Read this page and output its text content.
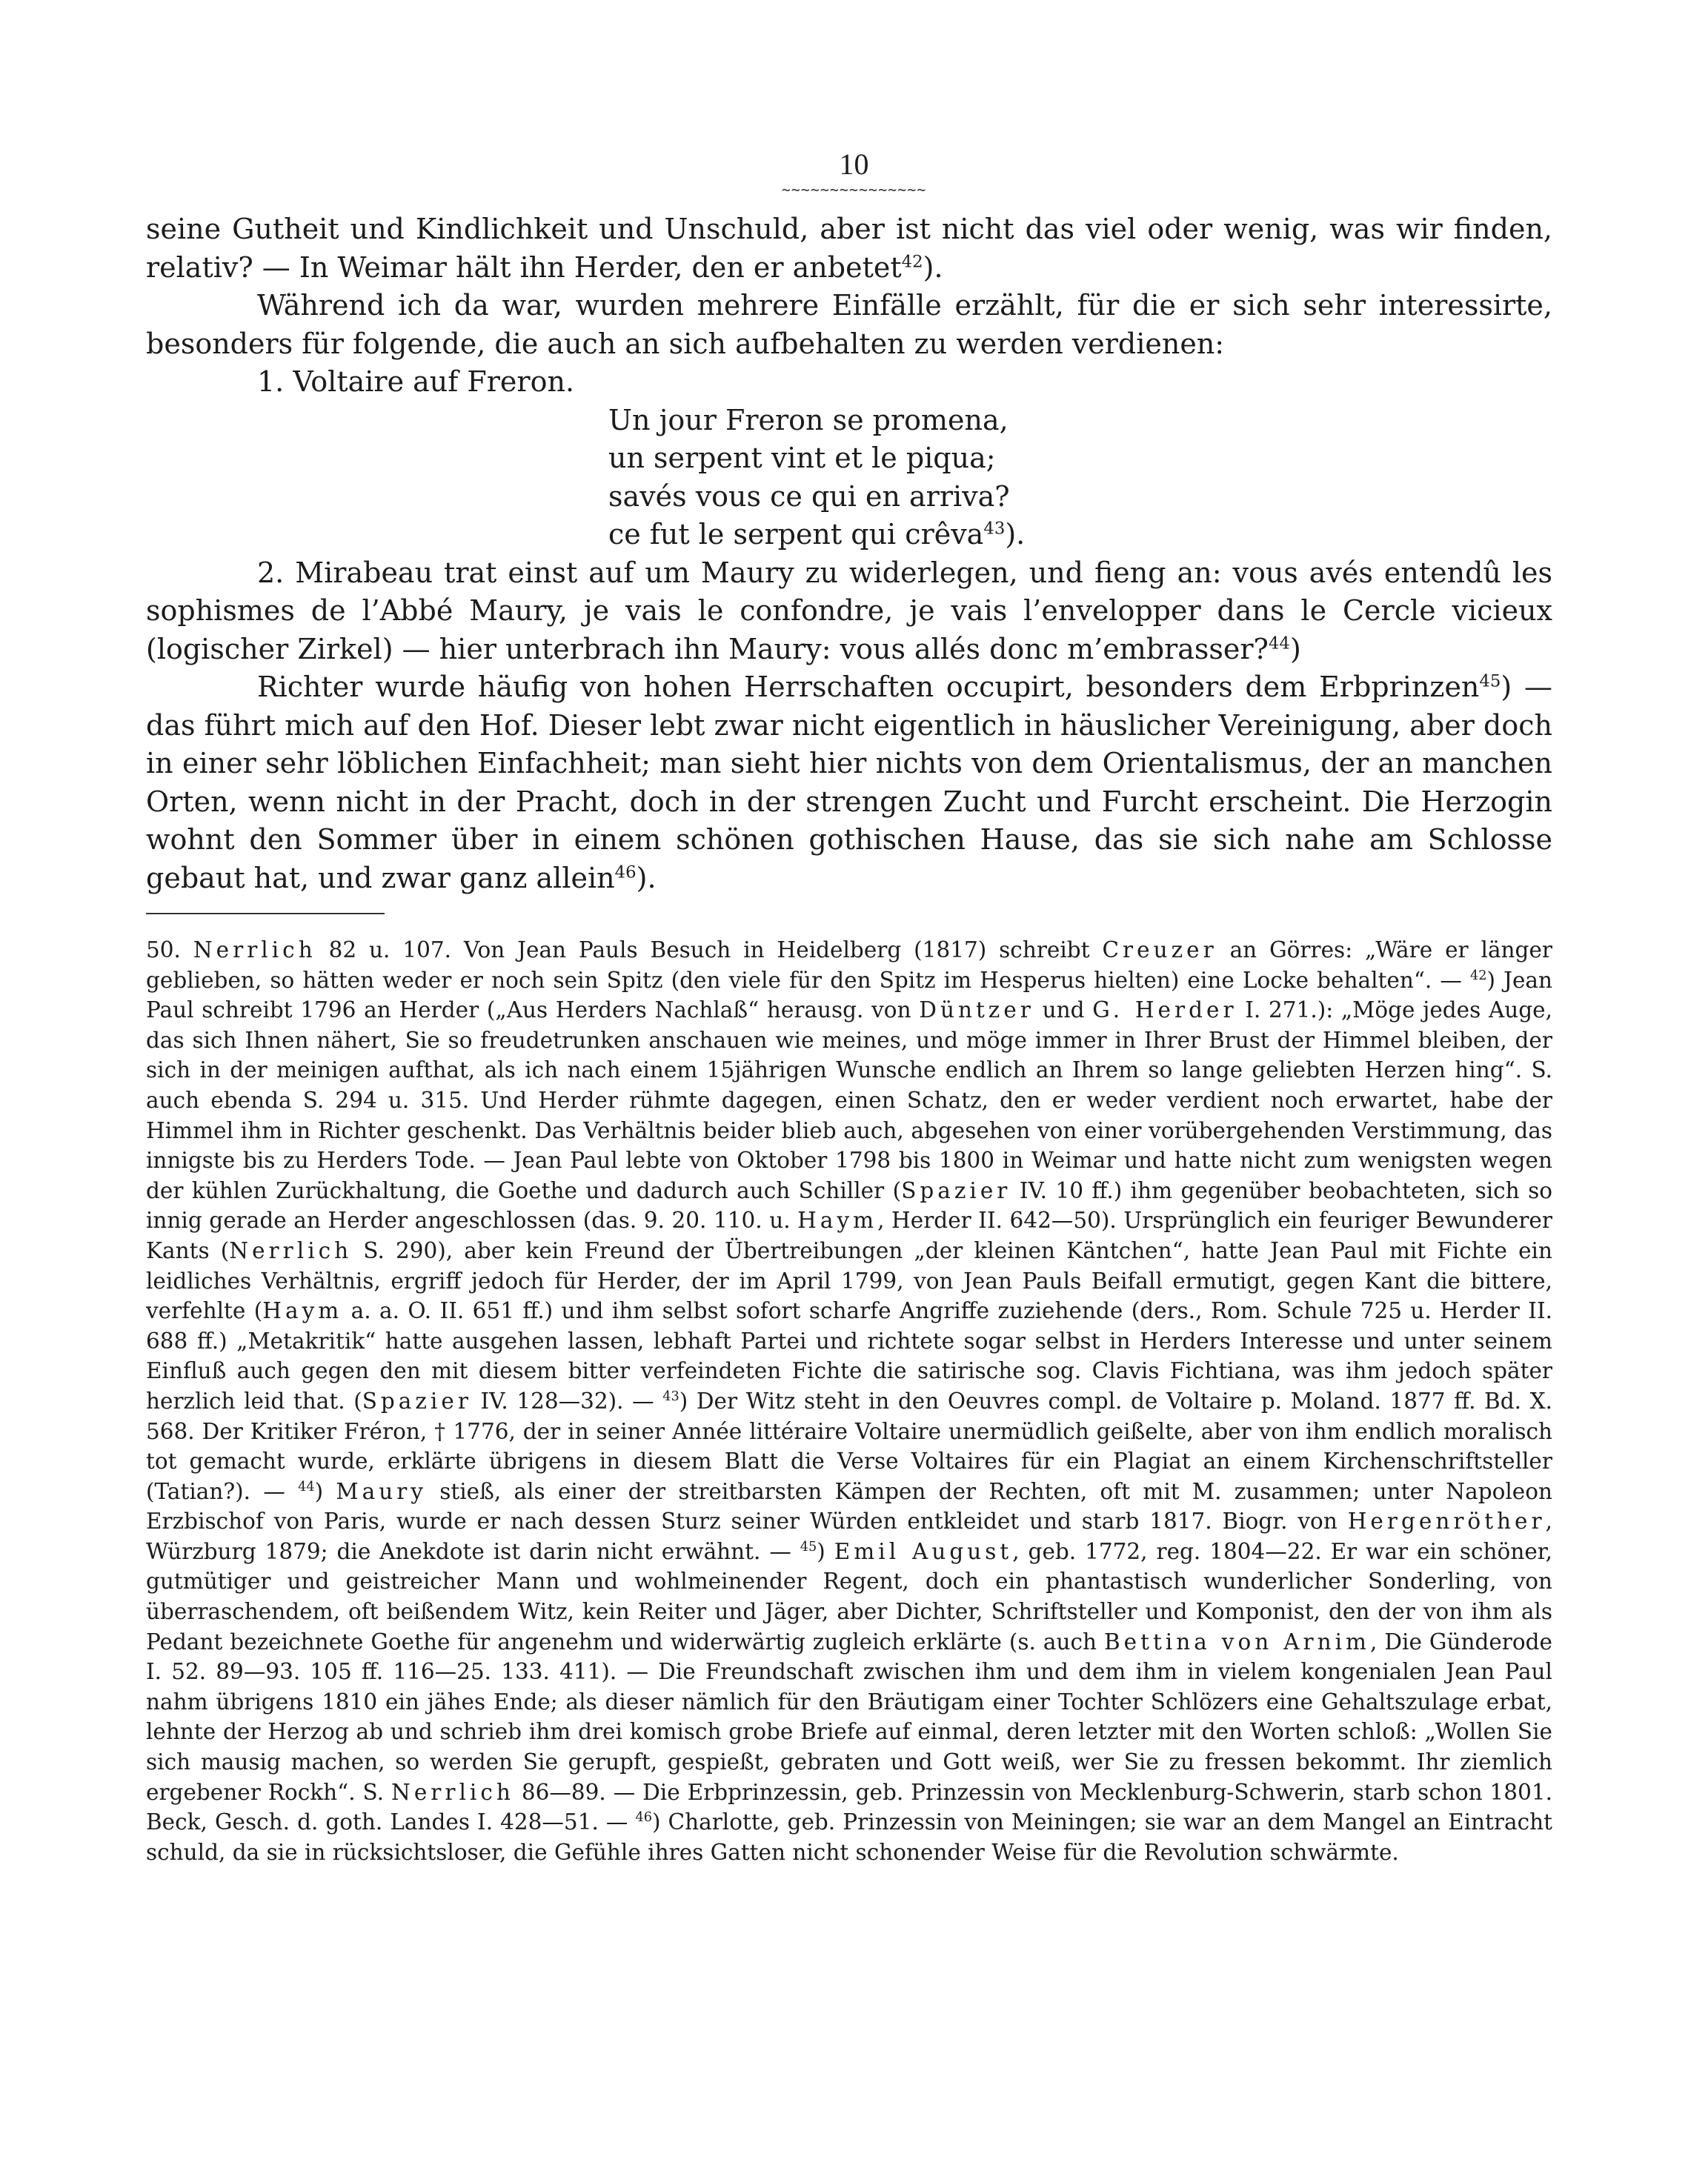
10
~~~~~~~~~~~~~~~

seine Gutheit und Kindlichkeit und Unschuld, aber ist nicht das viel oder wenig, was wir finden, relativ? — In Weimar hält ihn Herder, den er anbetet$^{42}$).

Während ich da war, wurden mehrere Einfälle erzählt, für die er sich sehr interessirte, besonders für folgende, die auch an sich aufbehalten zu werden verdienen:

1. Voltaire auf Freron.

Un jour Freron se promena,
un serpent vint et le piqua;
savés vous ce qui en arriva?
ce fut le serpent qui crêva$^{43}$).

2. Mirabeau trat einst auf um Maury zu widerlegen, und fieng an: vous avés entendû les sophismes de l’Abbé Maury, je vais le confondre, je vais l’envelopper dans le Cercle vicieux (logischer Zirkel) — hier unterbrach ihn Maury: vous allés donc m’embrasser?$^{44}$)

Richter wurde häufig von hohen Herrschaften occupirt, besonders dem Erbprinzen$^{45}$) — das führt mich auf den Hof. Dieser lebt zwar nicht eigentlich in häuslicher Vereinigung, aber doch in einer sehr löblichen Einfachheit; man sieht hier nichts von dem Orientalismus, der an manchen Orten, wenn nicht in der Pracht, doch in der strengen Zucht und Furcht erscheint. Die Herzogin wohnt den Sommer über in einem schönen gothischen Hause, das sie sich nahe am Schlosse gebaut hat, und zwar ganz allein$^{46}$).

50. Nerrlich 82 u. 107. Von Jean Pauls Besuch in Heidelberg (1817) schreibt Creuzer an Görres: „Wäre er länger geblieben, so hätten weder er noch sein Spitz (den viele für den Spitz im Hesperus hielten) eine Locke behalten“. — $^{42}$) Jean Paul schreibt 1796 an Herder („Aus Herders Nachlaß“ herausg. von Düntzer und G. Herder I. 271.): „Möge jedes Auge, das sich Ihnen nähert, Sie so freudetrunken anschauen wie meines, und möge immer in Ihrer Brust der Himmel bleiben, der sich in der meinigen aufthat, als ich nach einem 15jährigen Wunsche endlich an Ihrem so lange geliebten Herzen hing“. S. auch ebenda S. 294 u. 315. Und Herder rühmte dagegen, einen Schatz, den er weder verdient noch erwartet, habe der Himmel ihm in Richter geschenkt. Das Verhältnis beider blieb auch, abgesehen von einer vorübergehenden Verstimmung, das innigste bis zu Herders Tode. — Jean Paul lebte von Oktober 1798 bis 1800 in Weimar und hatte nicht zum wenigsten wegen der kühlen Zurückhaltung, die Goethe und dadurch auch Schiller (Spazier IV. 10 ff.) ihm gegenüber beobachteten, sich so innig gerade an Herder angeschlossen (das. 9. 20. 110. u. Haym, Herder II. 642—50). Ursprünglich ein feuriger Bewunderer Kants (Nerrlich S. 290), aber kein Freund der Übertreibungen „der kleinen Käntchen“, hatte Jean Paul mit Fichte ein leidliches Verhältnis, ergriff jedoch für Herder, der im April 1799, von Jean Pauls Beifall ermutigt, gegen Kant die bittere, verfehlte (Haym a. a. O. II. 651 ff.) und ihm selbst sofort scharfe Angriffe zuziehende (ders., Rom. Schule 725 u. Herder II. 688 ff.) „Metakritik“ hatte ausgehen lassen, lebhaft Partei und richtete sogar selbst in Herders Interesse und unter seinem Einfluß auch gegen den mit diesem bitter verfeindeten Fichte die satirische sog. Clavis Fichtiana, was ihm jedoch später herzlich leid that. (Spazier IV. 128—32). — $^{43}$) Der Witz steht in den Oeuvres compl. de Voltaire p. Moland. 1877 ff. Bd. X. 568. Der Kritiker Fréron, † 1776, der in seiner Année littéraire Voltaire unermüdlich geißelte, aber von ihm endlich moralisch tot gemacht wurde, erklärte übrigens in diesem Blatt die Verse Voltaires für ein Plagiat an einem Kirchenschriftsteller (Tatian?). — $^{44}$) Maury stieß, als einer der streitbarsten Kämpen der Rechten, oft mit M. zusammen; unter Napoleon Erzbischof von Paris, wurde er nach dessen Sturz seiner Würden entkleidet und starb 1817. Biogr. von Hergenröther, Würzburg 1879; die Anekdote ist darin nicht erwähnt. — $^{45}$) Emil August, geb. 1772, reg. 1804—22. Er war ein schöner, gutmütiger und geistreicher Mann und wohlmeinender Regent, doch ein phantastisch wunderlicher Sonderling, von überraschendem, oft beißendem Witz, kein Reiter und Jäger, aber Dichter, Schriftsteller und Komponist, den der von ihm als Pedant bezeichnete Goethe für angenehm und widerwärtig zugleich erklärte (s. auch Bettina von Arnim, Die Günderode I. 52. 89—93. 105 ff. 116—25. 133. 411). — Die Freundschaft zwischen ihm und dem ihm in vielem kongenialen Jean Paul nahm übrigens 1810 ein jähes Ende; als dieser nämlich für den Bräutigam einer Tochter Schlözers eine Gehaltszulage erbat, lehnte der Herzog ab und schrieb ihm drei komisch grobe Briefe auf einmal, deren letzter mit den Worten schloß: „Wollen Sie sich mausig machen, so werden Sie gerupft, gespießt, gebraten und Gott weiß, wer Sie zu fressen bekommt. Ihr ziemlich ergebener Rockh“. S. Nerrlich 86—89. — Die Erbprinzessin, geb. Prinzessin von Mecklenburg-Schwerin, starb schon 1801. Beck, Gesch. d. goth. Landes I. 428—51. — $^{46}$) Charlotte, geb. Prinzessin von Meiningen; sie war an dem Mangel an Eintracht schuld, da sie in rücksichtsloser, die Gefühle ihres Gatten nicht schonender Weise für die Revolution schwärmte.
